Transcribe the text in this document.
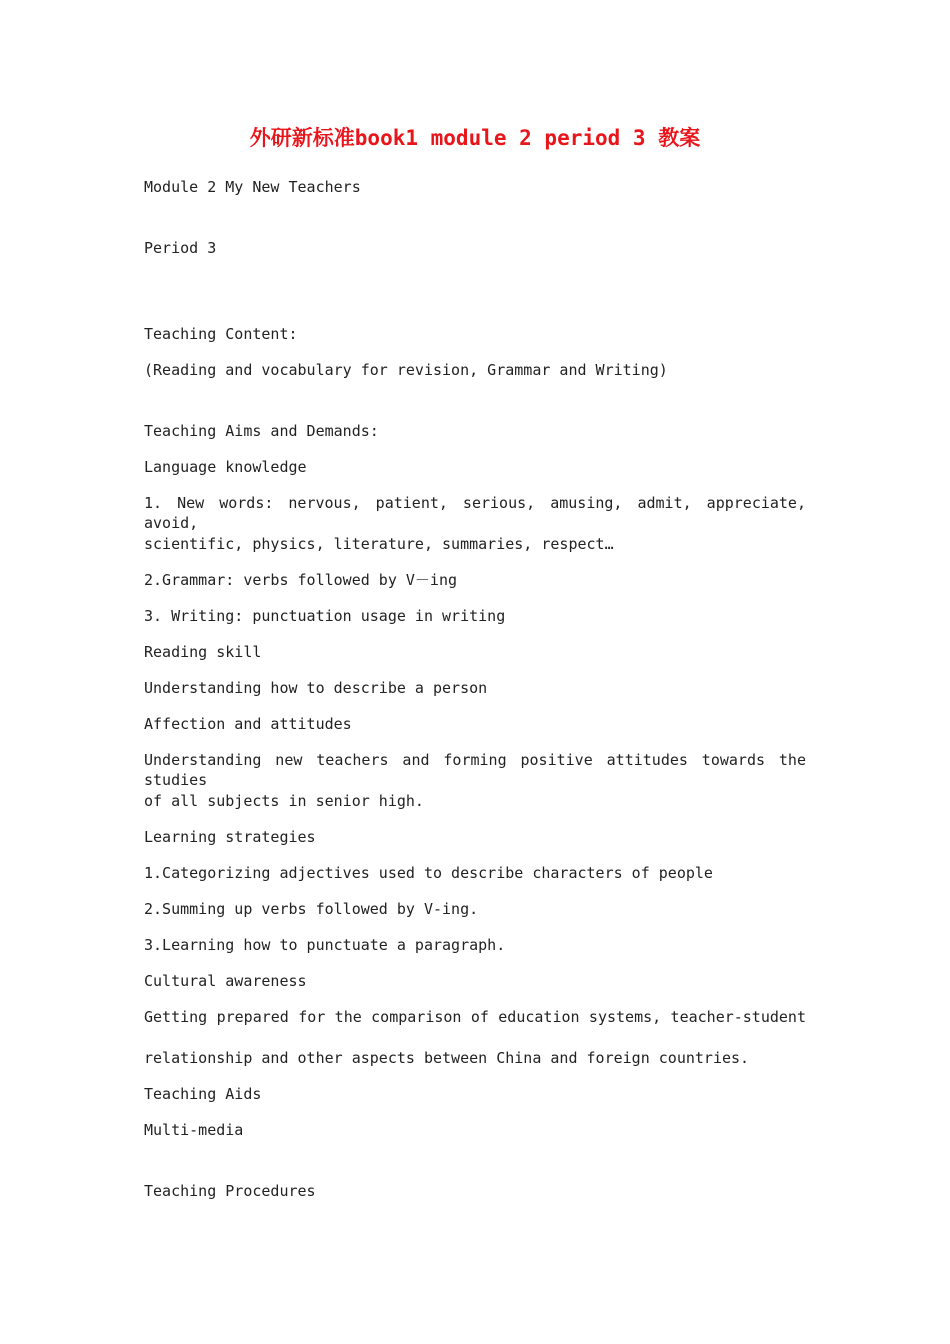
外研新标准book1 module 2 period 3 教案
Module 2 My New Teachers
Period 3
Teaching Content:
(Reading and vocabulary for revision, Grammar and Writing)
Teaching Aims and Demands:
Language knowledge
1. New words: nervous, patient, serious, amusing, admit, appreciate, avoid,
scientific, physics, literature, summaries, respect…
2.Grammar: verbs followed by V－ing
3. Writing: punctuation usage in writing
Reading skill
Understanding how to describe a person
Affection and attitudes
Understanding new teachers and forming positive attitudes towards the studies
of all subjects in senior high.
Learning strategies
1.Categorizing adjectives used to describe characters of people
2.Summing up verbs followed by V-ing.
3.Learning how to punctuate a paragraph.
Cultural awareness
Getting prepared for the comparison of education systems, teacher-student
relationship and other aspects between China and foreign countries.
Teaching Aids
Multi-media
Teaching Procedures
